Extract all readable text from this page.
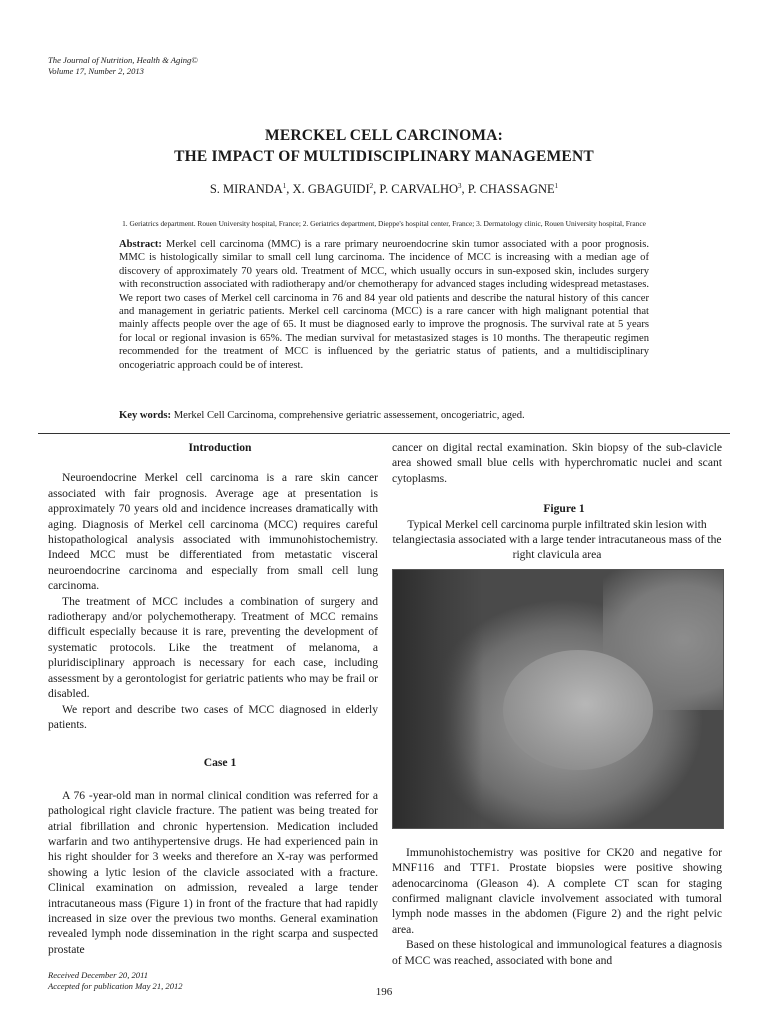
The Journal of Nutrition, Health & Aging©
Volume 17, Number 2, 2013
MERCKEL CELL CARCINOMA:
THE IMPACT OF MULTIDISCIPLINARY MANAGEMENT
S. MIRANDA$^1$, X. GBAGUIDI$^2$, P. CARVALHO$^3$, P. CHASSAGNE$^1$
1. Geriatrics department. Rouen University hospital, France; 2. Geriatrics department, Dieppe's hospital center, France; 3. Dermatology clinic, Rouen University hospital, France
Abstract: Merkel cell carcinoma (MMC) is a rare primary neuroendocrine skin tumor associated with a poor prognosis. MMC is histologically similar to small cell lung carcinoma. The incidence of MCC is increasing with a median age of discovery of approximately 70 years old. Treatment of MCC, which usually occurs in sun-exposed skin, includes surgery with reconstruction associated with radiotherapy and/or chemotherapy for advanced stages including widespread metastases. We report two cases of Merkel cell carcinoma in 76 and 84 year old patients and describe the natural history of this cancer and management in geriatric patients. Merkel cell carcinoma (MCC) is a rare cancer with high malignant potential that mainly affects people over the age of 65. It must be diagnosed early to improve the prognosis. The survival rate at 5 years for local or regional invasion is 65%. The median survival for metastasized stages is 10 months. The therapeutic regimen recommended for the treatment of MCC is influenced by the geriatric status of patients, and a multidisciplinary oncogeriatric approach could be of interest.
Key words: Merkel Cell Carcinoma, comprehensive geriatric assessement, oncogeriatric, aged.

Introduction

Neuroendocrine Merkel cell carcinoma is a rare skin cancer associated with fair prognosis. Average age at presentation is approximately 70 years old and incidence increases dramatically with aging. Diagnosis of Merkel cell carcinoma (MCC) requires careful histopathological analysis associated with immunohistochemistry. Indeed MCC must be differentiated from metastatic visceral neuroendocrine carcinoma and especially from small cell lung carcinoma.

The treatment of MCC includes a combination of surgery and radiotherapy and/or polychemotherapy. Treatment of MCC remains difficult especially because it is rare, preventing the development of systematic protocols. Like the treatment of melanoma, a pluridisciplinary approach is necessary for each case, including assessment by a gerontologist for geriatric patients who may be frail or disabled.

We report and describe two cases of MCC diagnosed in elderly patients.

Case 1

A 76 -year-old man in normal clinical condition was referred for a pathological right clavicle fracture. The patient was being treated for atrial fibrillation and chronic hypertension. Medication included warfarin and two antihypertensive drugs. He had experienced pain in his right shoulder for 3 weeks and therefore an X-ray was performed showing a lytic lesion of the clavicle associated with a fracture. Clinical examination on admission, revealed a large tender intracutaneous mass (Figure 1) in front of the fracture that had rapidly increased in size over the previous two months. General examination revealed lymph node dissemination in the right scarpa and suspected prostate

cancer on digital rectal examination. Skin biopsy of the sub-clavicle area showed small blue cells with hyperchromatic nuclei and scant cytoplasms.

Figure 1

Typical Merkel cell carcinoma purple infiltrated skin lesion with telangiectasia associated with a large tender intracutaneous mass of the right clavicula area

Immunohistochemistry was positive for CK20 and negative for MNF116 and TTF1. Prostate biopsies were positive showing adenocarcinoma (Gleason 4). A complete CT scan for staging confirmed malignant clavicle involvement associated with tumoral lymph node masses in the abdomen (Figure 2) and the right pelvic area.

Based on these histological and immunological features a diagnosis of MCC was reached, associated with bone and

Received December 20, 2011
Accepted for publication May 21, 2012	196
